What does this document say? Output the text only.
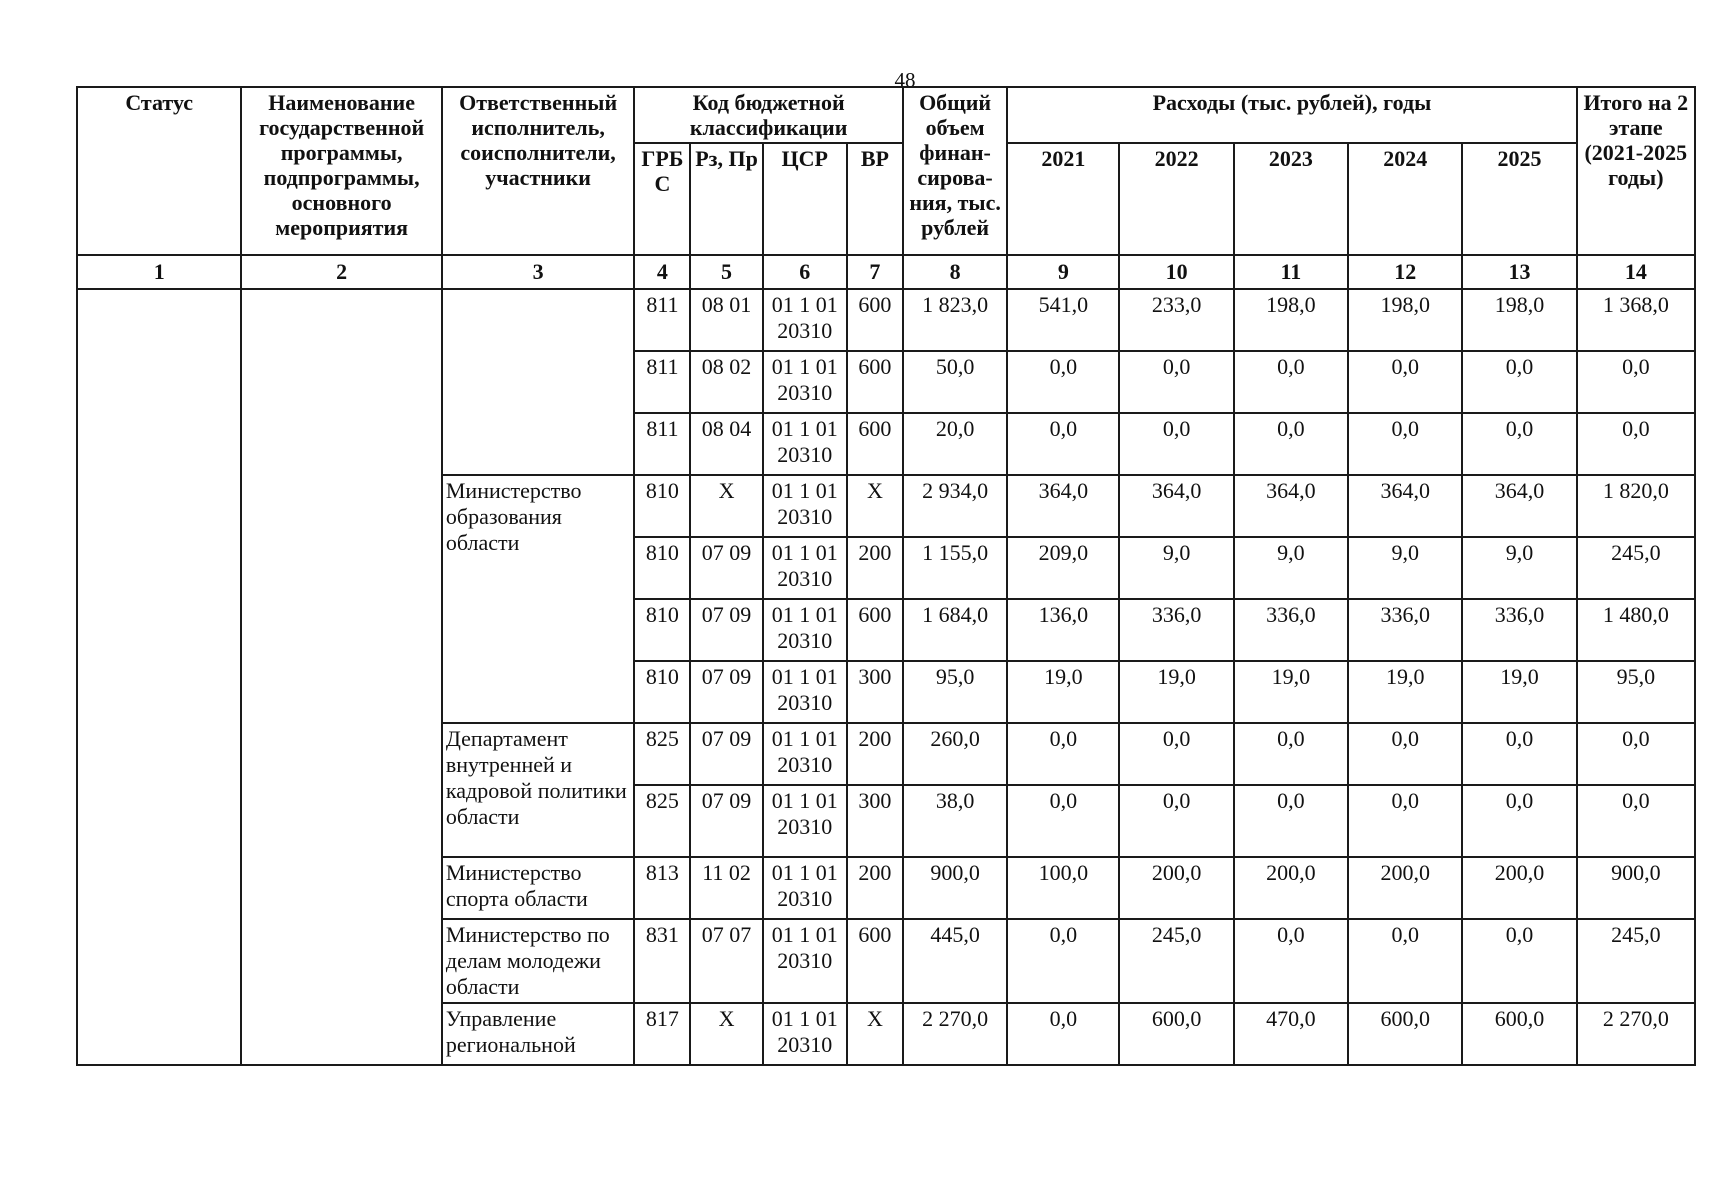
48
Статус	Наименование государственной программы, подпрограммы, основного мероприятия	Ответственный исполнитель, соисполнители, участники	Код бюджетной классификации				Общий объем финан-сирова-ния, тыс. рублей	Расходы (тыс. рублей), годы					Итого на 2 этапе (2021-2025 годы)
			ГРБ С	Рз, Пр	ЦСР	ВР		2021	2022	2023	2024	2025	
1	2	3	4	5	6	7	8	9	10	11	12	13	14
			811	08 01	01 1 01 20310	600	1 823,0	541,0	233,0	198,0	198,0	198,0	1 368,0
			811	08 02	01 1 01 20310	600	50,0	0,0	0,0	0,0	0,0	0,0	0,0
			811	08 04	01 1 01 20310	600	20,0	0,0	0,0	0,0	0,0	0,0	0,0
		Министерство образования области	810	Х	01 1 01 20310	Х	2 934,0	364,0	364,0	364,0	364,0	364,0	1 820,0
			810	07 09	01 1 01 20310	200	1 155,0	209,0	9,0	9,0	9,0	9,0	245,0
			810	07 09	01 1 01 20310	600	1 684,0	136,0	336,0	336,0	336,0	336,0	1 480,0
			810	07 09	01 1 01 20310	300	95,0	19,0	19,0	19,0	19,0	19,0	95,0
		Департамент внутренней и кадровой политики области	825	07 09	01 1 01 20310	200	260,0	0,0	0,0	0,0	0,0	0,0	0,0
			825	07 09	01 1 01 20310	300	38,0	0,0	0,0	0,0	0,0	0,0	0,0
		Министерство спорта области	813	11 02	01 1 01 20310	200	900,0	100,0	200,0	200,0	200,0	200,0	900,0
		Министерство по делам молодежи области	831	07 07	01 1 01 20310	600	445,0	0,0	245,0	0,0	0,0	0,0	245,0
		Управление региональной	817	Х	01 1 01 20310	Х	2 270,0	0,0	600,0	470,0	600,0	600,0	2 270,0
